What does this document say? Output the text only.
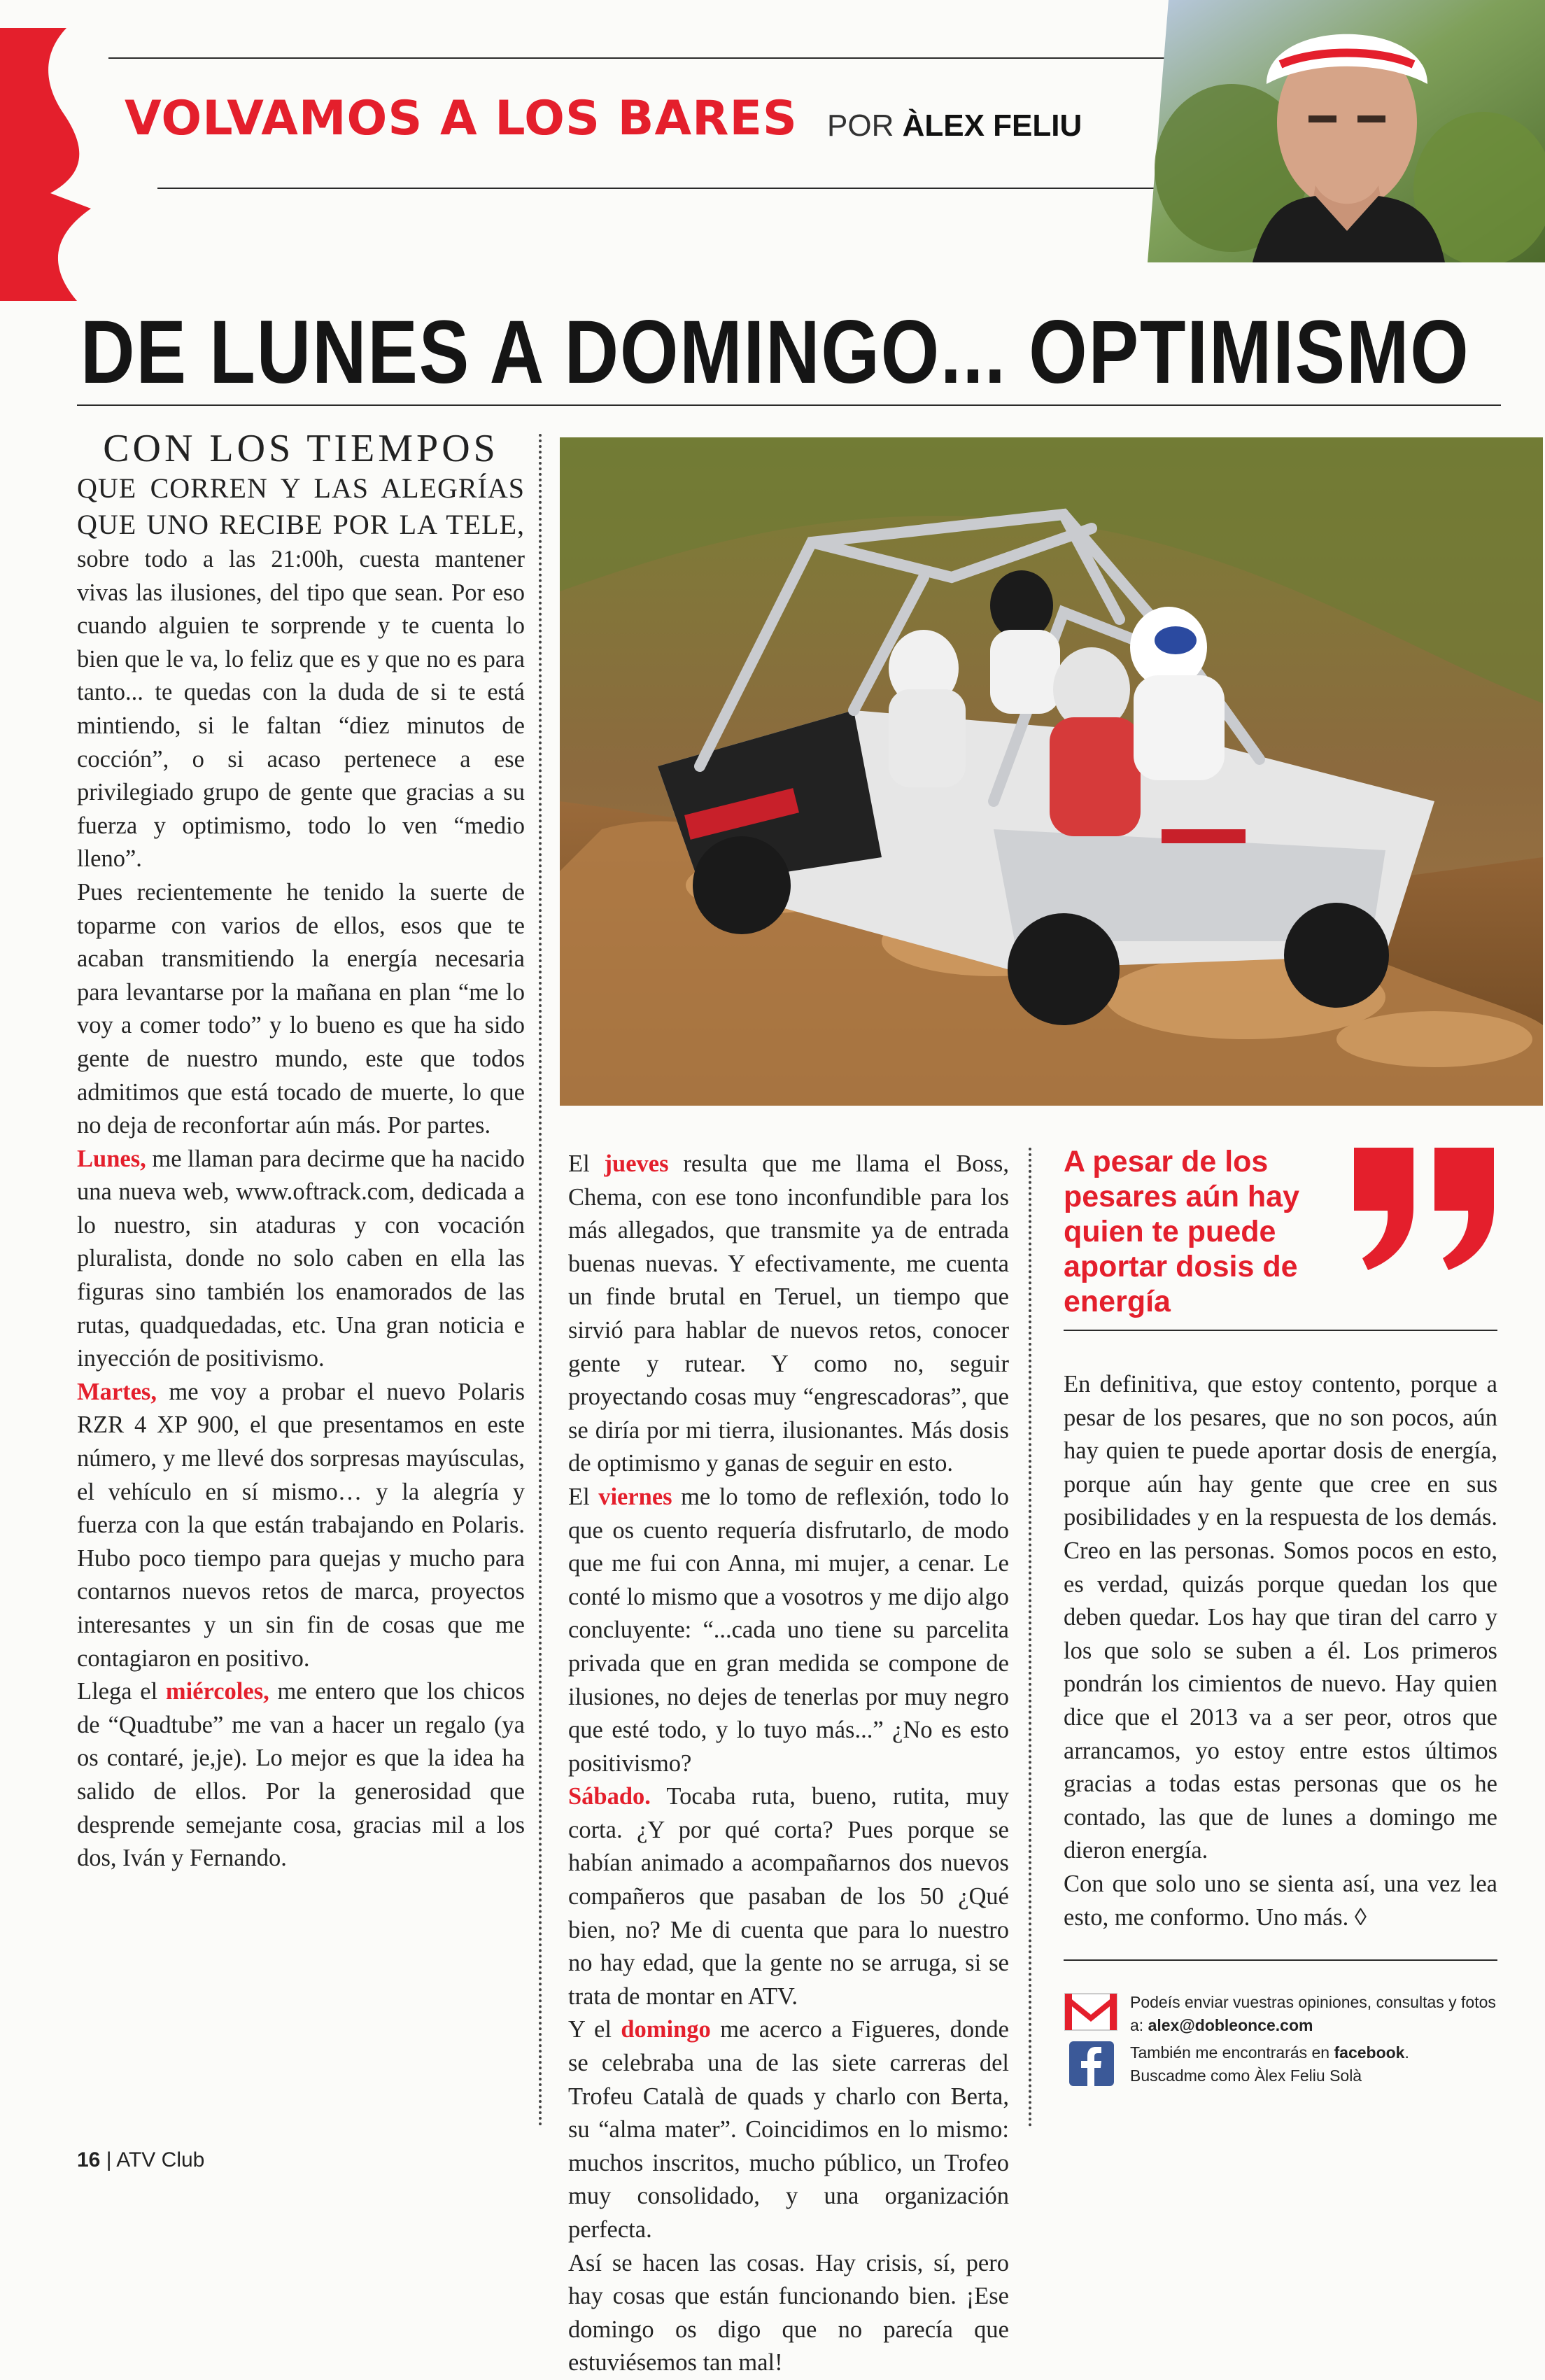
VOLVAMOS A LOS BARES POR ÀLEX FELIU
DE LUNES A DOMINGO... OPTIMISMO

CON LOS TIEMPOS

QUE CORREN Y LAS ALEGRÍAS

QUE UNO RECIBE POR LA TELE,

sobre todo a las 21:00h, cuesta mantener vivas las ilusiones, del tipo que sean. Por eso cuando alguien te sorprende y te cuenta lo bien que le va, lo feliz que es y que no es para tanto... te quedas con la duda de si te está mintiendo, si le faltan “diez minutos de cocción”, o si acaso pertenece a ese privilegiado grupo de gente que gracias a su fuerza y optimismo, todo lo ven “medio lleno”.

Pues recientemente he tenido la suerte de toparme con varios de ellos, esos que te acaban transmitiendo la energía necesaria para levantarse por la mañana en plan “me lo voy a comer todo” y lo bueno es que ha sido gente de nuestro mundo, este que todos admitimos que está tocado de muerte, lo que no deja de reconfortar aún más. Por partes.

Lunes, me llaman para decirme que ha nacido una nueva web, www.oftrack.com, dedicada a lo nuestro, sin ataduras y con vocación pluralista, donde no solo caben en ella las figuras sino también los enamorados de las rutas, quadquedadas, etc. Una gran noticia e inyección de positivismo.

Martes, me voy a probar el nuevo Polaris RZR 4 XP 900, el que presentamos en este número, y me llevé dos sorpresas mayúsculas, el vehículo en sí mismo… y la alegría y fuerza con la que están trabajando en Polaris. Hubo poco tiempo para quejas y mucho para contarnos nuevos retos de marca, proyectos interesantes y un sin fin de cosas que me contagiaron en positivo.

Llega el miércoles, me entero que los chicos de “Quadtube” me van a hacer un regalo (ya os contaré, je,je). Lo mejor es que la idea ha salido de ellos. Por la generosidad que desprende semejante cosa, gracias mil a los dos, Iván y Fernando.

El jueves resulta que me llama el Boss, Chema, con ese tono inconfundible para los más allegados, que transmite ya de entrada buenas nuevas. Y efectivamente, me cuenta un finde brutal en Teruel, un tiempo que sirvió para hablar de nuevos retos, conocer gente y rutear. Y como no, seguir proyectando cosas muy “engrescadoras”, que se diría por mi tierra, ilusionantes. Más dosis de optimismo y ganas de seguir en esto.

El viernes me lo tomo de reflexión, todo lo que os cuento requería disfrutarlo, de modo que me fui con Anna, mi mujer, a cenar. Le conté lo mismo que a vosotros y me dijo algo concluyente: “...cada uno tiene su parcelita privada que en gran medida se compone de ilusiones, no dejes de tenerlas por muy negro que esté todo, y lo tuyo más...” ¿No es esto positivismo?

Sábado. Tocaba ruta, bueno, rutita, muy corta. ¿Y por qué corta? Pues porque se habían animado a acompañarnos dos nuevos compañeros que pasaban de los 50 ¿Qué bien, no? Me di cuenta que para lo nuestro no hay edad, que la gente no se arruga, si se trata de montar en ATV.

Y el domingo me acerco a Figueres, donde se celebraba una de las siete carreras del Trofeu Català de quads y charlo con Berta, su “alma mater”. Coincidimos en lo mismo: muchos inscritos, mucho público, un Trofeo muy consolidado, y una organización perfecta.

Así se hacen las cosas. Hay crisis, sí, pero hay cosas que están funcionando bien. ¡Ese domingo os digo que no parecía que estuviésemos tan mal!

A pesar de los pesares aún hay quien te puede aportar dosis de energía

En definitiva, que estoy contento, porque a pesar de los pesares, que no son pocos, aún hay quien te puede aportar dosis de energía, porque aún hay gente que cree en sus posibilidades y en la respuesta de los demás. Creo en las personas. Somos pocos en esto, es verdad, quizás porque quedan los que deben quedar. Los hay que tiran del carro y los que solo se suben a él. Los primeros pondrán los cimientos de nuevo. Hay quien dice que el 2013 va a ser peor, otros que arrancamos, yo estoy entre estos últimos gracias a todas estas personas que os he contado, las que de lunes a domingo me dieron energía.

Con que solo uno se sienta así, una vez lea esto, me conformo. Uno más. ◊

Podeís enviar vuestras opiniones, consultas y fotos a: alex@dobleonce.com
También me encontrarás en facebook.
Buscadme como Àlex Feliu Solà
16 | ATV Club
